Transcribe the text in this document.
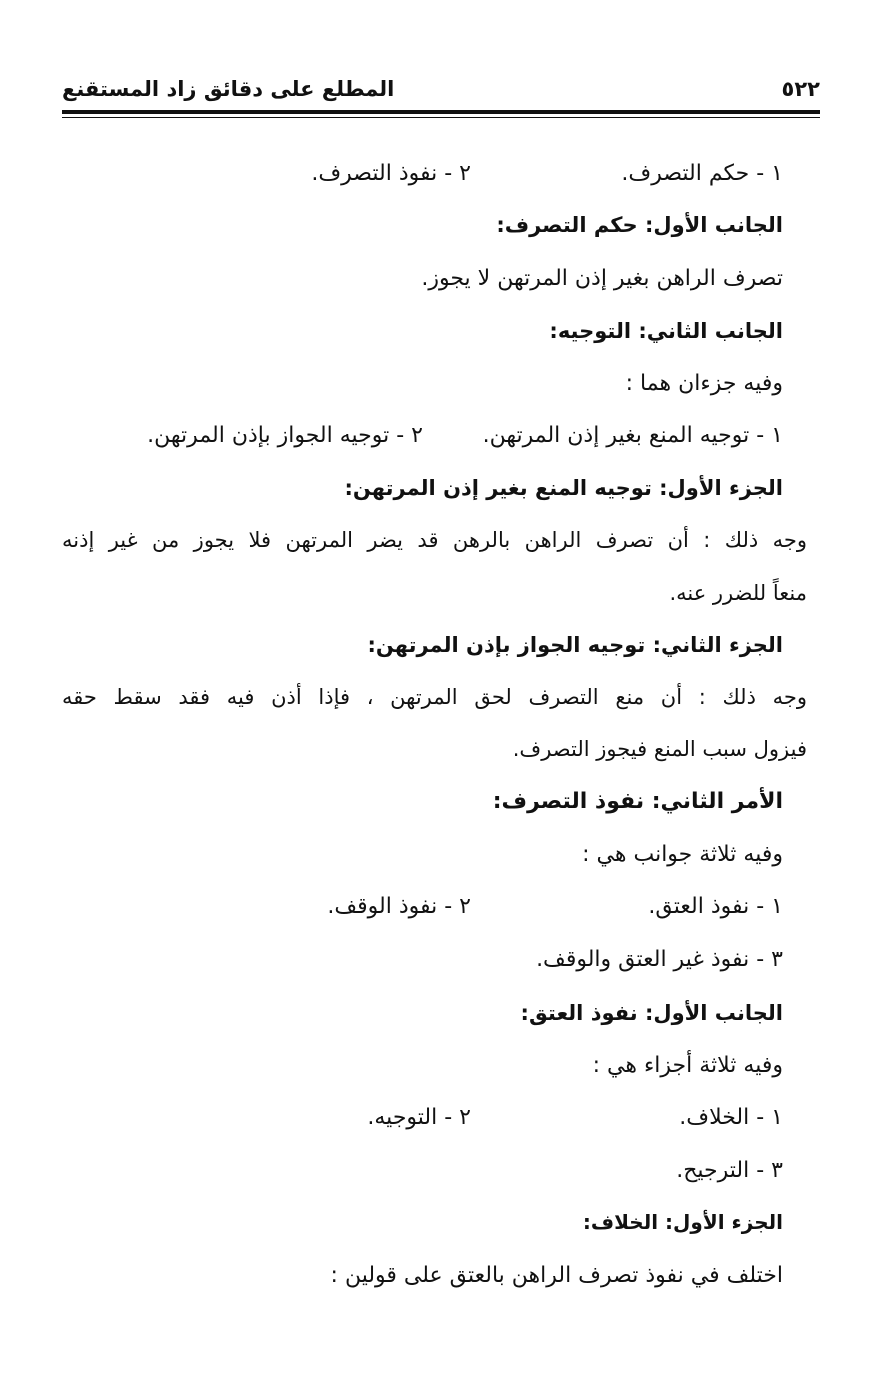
٥٢٢
المطلع على دقائق زاد المستقنع
١ - حكم التصرف.
٢ - نفوذ التصرف.
الجانب الأول: حكم التصرف:
تصرف الراهن بغير إذن المرتهن لا يجوز.
الجانب الثاني: التوجيه:
وفيه جزءان هما :
١ - توجيه المنع بغير إذن المرتهن.
٢ - توجيه الجواز بإذن المرتهن.
الجزء الأول: توجيه المنع بغير إذن المرتهن:
وجه ذلك : أن تصرف الراهن بالرهن قد يضر المرتهن فلا يجوز من غير إذنه
منعاً للضرر عنه.
الجزء الثاني: توجيه الجواز بإذن المرتهن:
وجه ذلك : أن منع التصرف لحق المرتهن ، فإذا أذن فيه فقد سقط حقه
فيزول سبب المنع فيجوز التصرف.
الأمر الثاني: نفوذ التصرف:
وفيه ثلاثة جوانب هي :
١ - نفوذ العتق.
٢ - نفوذ الوقف.
٣ - نفوذ غير العتق والوقف.
الجانب الأول: نفوذ العتق:
وفيه ثلاثة أجزاء هي :
١ - الخلاف.
٢ - التوجيه.
٣ - الترجيح.
الجزء الأول: الخلاف:
اختلف في نفوذ تصرف الراهن بالعتق على قولين :
